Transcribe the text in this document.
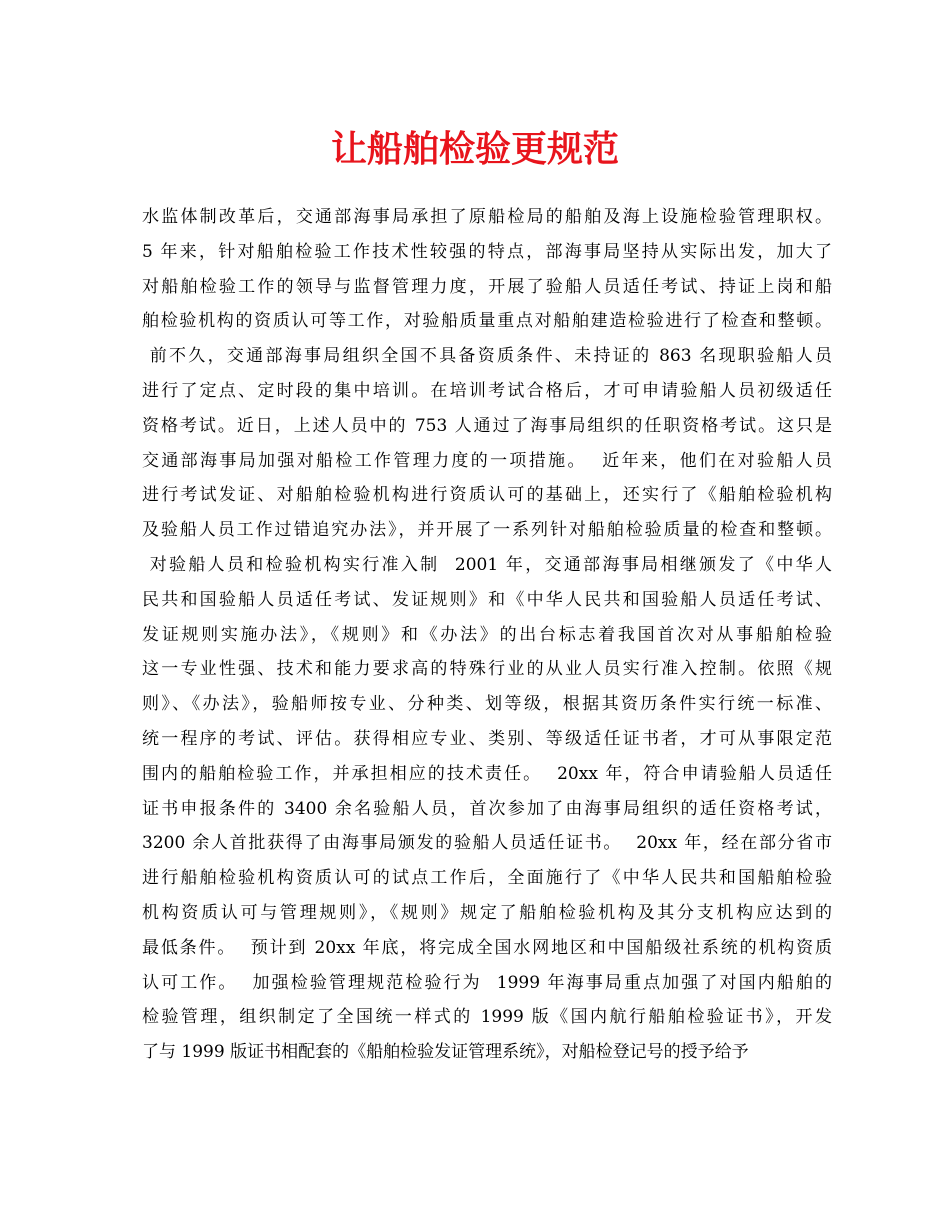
让船舶检验更规范
水监体制改革后，交通部海事局承担了原船检局的船舶及海上设施检验管理职权。
5 年来，针对船舶检验工作技术性较强的特点，部海事局坚持从实际出发，加大了
对船舶检验工作的领导与监督管理力度，开展了验船人员适任考试、持证上岗和船
舶检验机构的资质认可等工作，对验船质量重点对船舶建造检验进行了检查和整顿。
前不久，交通部海事局组织全国不具备资质条件、未持证的 863 名现职验船人员
进行了定点、定时段的集中培训。在培训考试合格后，才可申请验船人员初级适任
资格考试。近日，上述人员中的 753 人通过了海事局组织的任职资格考试。这只是
交通部海事局加强对船检工作管理力度的一项措施。  近年来，他们在对验船人员
进行考试发证、对船舶检验机构进行资质认可的基础上，还实行了《船舶检验机构
及验船人员工作过错追究办法》，并开展了一系列针对船舶检验质量的检查和整顿。
对验船人员和检验机构实行准入制  2001 年，交通部海事局相继颁发了《中华人
民共和国验船人员适任考试、发证规则》和《中华人民共和国验船人员适任考试、
发证规则实施办法》，《规则》和《办法》的出台标志着我国首次对从事船舶检验
这一专业性强、技术和能力要求高的特殊行业的从业人员实行准入控制。依照《规
则》、《办法》，验船师按专业、分种类、划等级，根据其资历条件实行统一标准、
统一程序的考试、评估。获得相应专业、类别、等级适任证书者，才可从事限定范
围内的船舶检验工作，并承担相应的技术责任。  20xx 年，符合申请验船人员适任
证书申报条件的 3400 余名验船人员，首次参加了由海事局组织的适任资格考试，
3200 余人首批获得了由海事局颁发的验船人员适任证书。  20xx 年，经在部分省市
进行船舶检验机构资质认可的试点工作后，全面施行了《中华人民共和国船舶检验
机构资质认可与管理规则》，《规则》规定了船舶检验机构及其分支机构应达到的
最低条件。  预计到 20xx 年底，将完成全国水网地区和中国船级社系统的机构资质
认可工作。  加强检验管理规范检验行为  1999 年海事局重点加强了对国内船舶的
检验管理，组织制定了全国统一样式的 1999 版《国内航行船舶检验证书》，开发
了与 1999 版证书相配套的《船舶检验发证管理系统》，对船检登记号的授予给予
